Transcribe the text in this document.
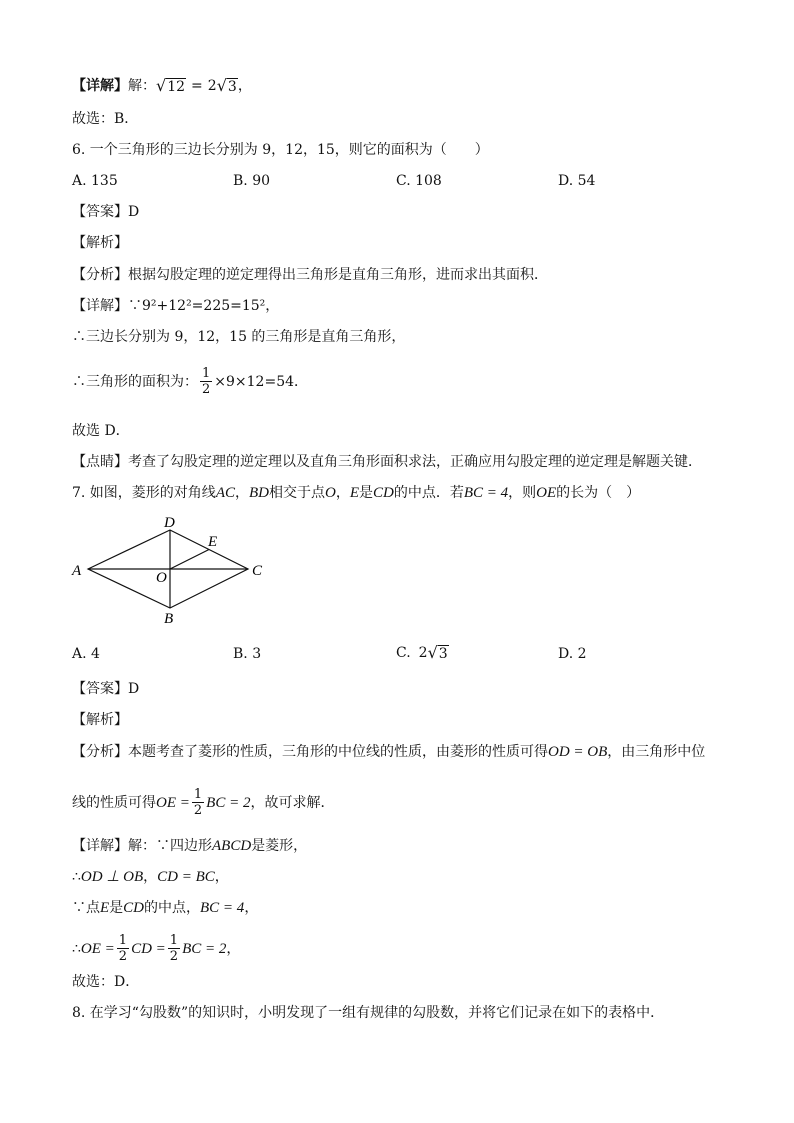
【详解】 解： √ 12 = 2 √ 3 ，
故选：B．
6. 一个三角形的三边长分别为 9，12，15，则它的面积为（　　）
A. 135	B. 90	C. 108	D. 54
【答案】D
【解析】
【分析】根据勾股定理的逆定理得出三角形是直角三角形，进而求出其面积．
【详解】∵9²+12²=225=15²，
∴三边长分别为 9，12，15 的三角形是直角三角形，
∴三角形的面积为： $\frac{1}{2} \times 9\times 12=54$．
故选 D．
【点睛】考查了勾股定理的逆定理以及直角三角形面积求法，正确应用勾股定理的逆定理是解题关键．
7. 如图，菱形的对角线 AC ， BD 相交于点 O ， E 是 CD 的中点．若 BC = 4 ，则 OE 的长为（　）
D
E
A	O	C
B
A. 4	B. 3	C. 2 √ 3	D. 2
【答案】D
【解析】
【分析】本题考查了菱形的性质，三角形的中位线的性质，由菱形的性质可得 OD = OB ，由三角形中位
线的性质可得 OE = $\frac{1}{2}$ BC = 2 ，故可求解．
【详解】解：∵四边形 ABCD 是菱形，
∴ OD ⊥ OB ， CD = BC ，
∵点 E 是 CD 的中点， BC = 4 ，
∴ OE = $\frac{1}{2}$ CD = $\frac{1}{2}$ BC = 2 ，
故选：D．
8. 在学习“勾股数”的知识时，小明发现了一组有规律的勾股数，并将它们记录在如下的表格中．
